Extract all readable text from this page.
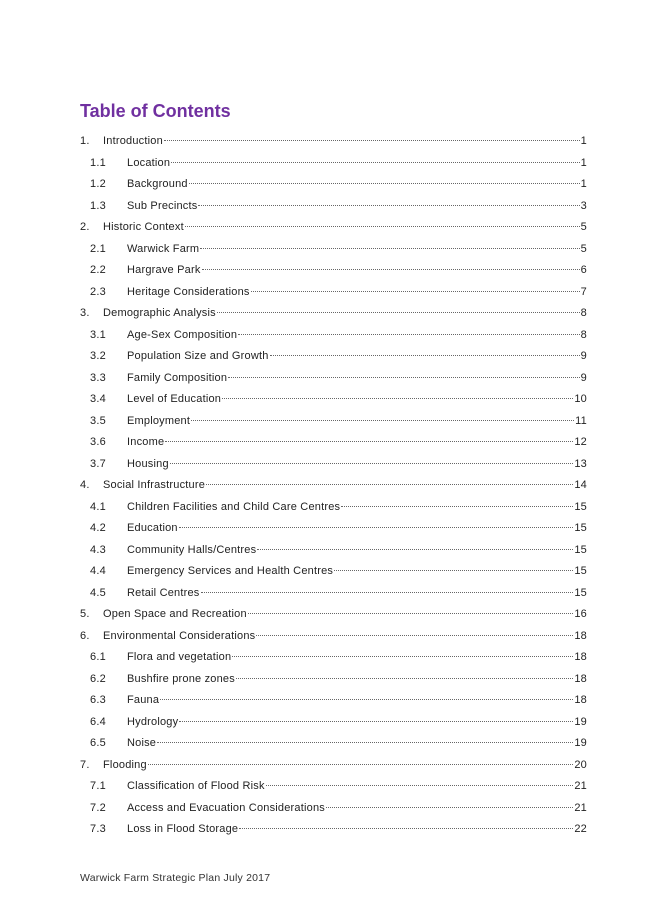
Table of Contents
1.	Introduction	1
1.1	Location	1
1.2	Background	1
1.3	Sub Precincts	3
2.	Historic Context	5
2.1	Warwick Farm	5
2.2	Hargrave Park	6
2.3	Heritage Considerations	7
3.	Demographic Analysis	8
3.1	Age-Sex Composition	8
3.2	Population Size and Growth	9
3.3	Family Composition	9
3.4	Level of Education	10
3.5	Employment	11
3.6	Income	12
3.7	Housing	13
4.	Social Infrastructure	14
4.1	Children Facilities and Child Care Centres	15
4.2	Education	15
4.3	Community Halls/Centres	15
4.4	Emergency Services and Health Centres	15
4.5	Retail Centres	15
5.	Open Space and Recreation	16
6.	Environmental Considerations	18
6.1	Flora and vegetation	18
6.2	Bushfire prone zones	18
6.3	Fauna	18
6.4	Hydrology	19
6.5	Noise	19
7.	Flooding	20
7.1	Classification of Flood Risk	21
7.2	Access and Evacuation Considerations	21
7.3	Loss in Flood Storage	22
Warwick Farm Strategic Plan July 2017
